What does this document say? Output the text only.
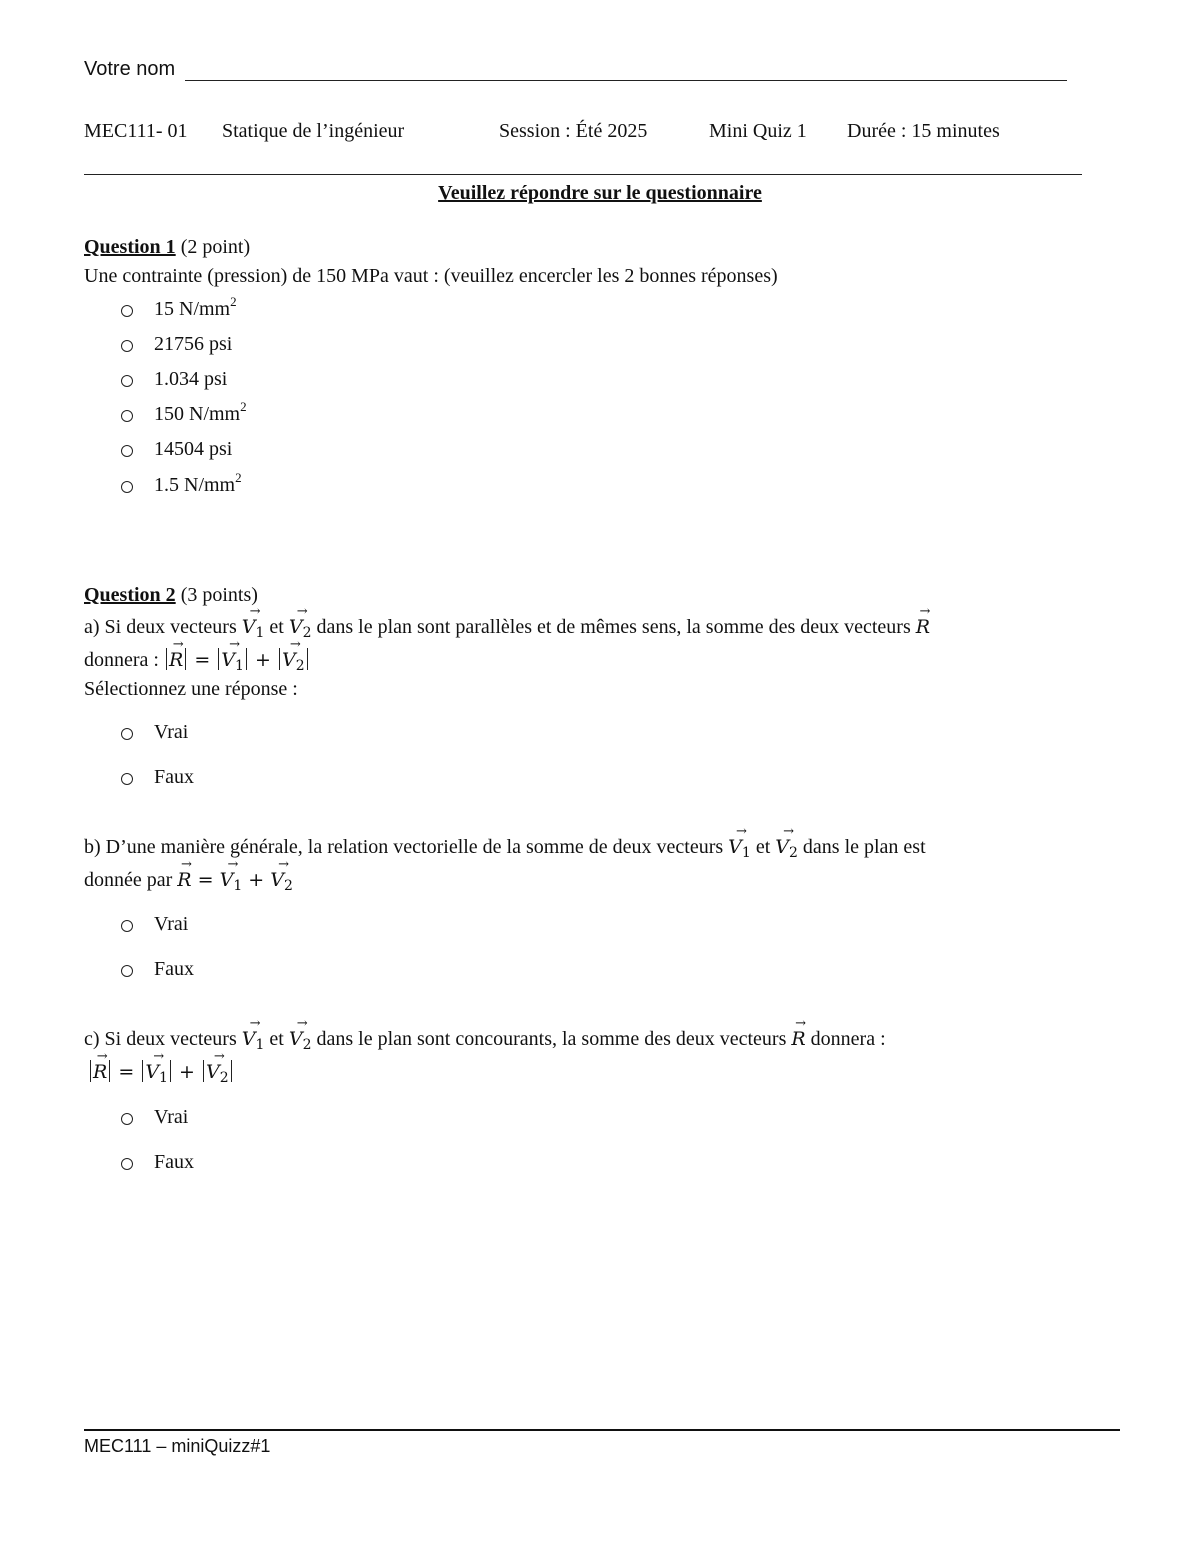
Votre nom
MEC111- 01 Statique de l’ingénieur	Session : Été 2025	Mini Quiz 1 Durée : 15 minutes
Veuillez répondre sur le questionnaire
Question 1 (2 point)
Une contrainte (pression) de 150 MPa vaut : (veuillez encercler les 2 bonnes réponses)
15 $N/mm^2$
21756 psi
1.034 psi
150 $N/mm^2$
14504 psi
1.5 $N/mm^2$
Question 2 (3 points)
a) Si deux vecteurs
→
$V_1$ et
→
$V_2$ dans le plan sont parallèles et de mêmes sens, la somme des deux vecteurs
→
R
donnera :
→
R =
→
$V_1$ +
→
$V_2$
Sélectionnez une réponse :
Vrai
Faux
b) D’une manière générale, la relation vectorielle de la somme de deux vecteurs
→
$V_1$ et
→
$V_2$ dans le plan est
donnée par
→
R =
→
$V_1$ +
→
$V_2$
Vrai
Faux
c) Si deux vecteurs
→
$V_1$ et
→
$V_2$ dans le plan sont concourants, la somme des deux vecteurs
→
R donnera :
→
R =
→
$V_1$ +
→
$V_2$
Vrai
Faux
MEC111 – miniQuizz#1
